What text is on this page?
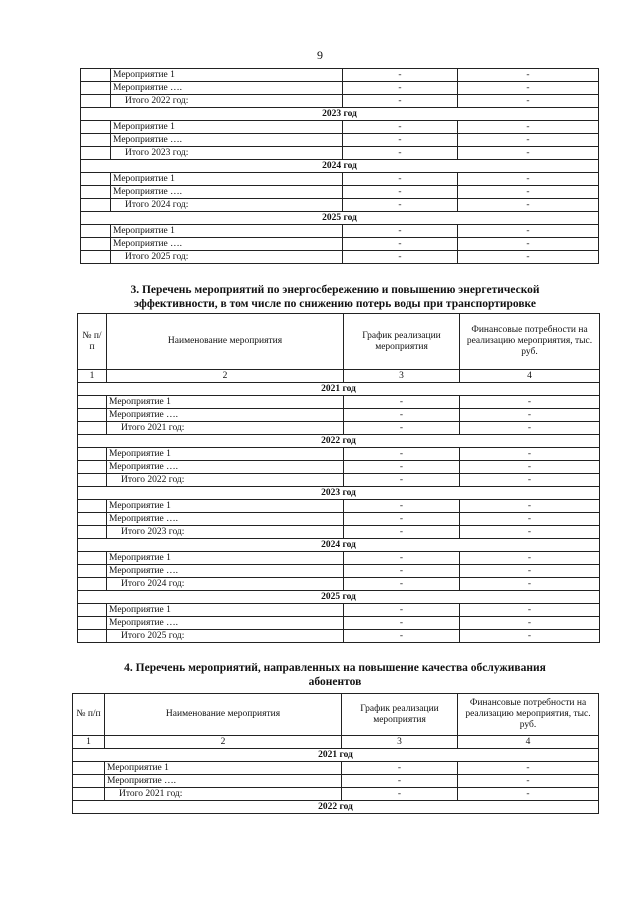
9
	Мероприятие 1	-	-
	Мероприятие ….	-	-
	Итого 2022 год:	-	-
2023 год			
	Мероприятие 1	-	-
	Мероприятие ….	-	-
	Итого 2023 год:	-	-
2024 год			
	Мероприятие 1	-	-
	Мероприятие ….	-	-
	Итого 2024 год:	-	-
2025 год			
	Мероприятие 1	-	-
	Мероприятие ….	-	-
	Итого 2025 год:	-	-
3. Перечень мероприятий по энергосбережению и повышению энергетической
эффективности, в том числе по снижению потерь воды при транспортировке
№ п/п	Наименование мероприятия	График реализации мероприятия	Финансовые потребности на реализацию мероприятия, тыс. руб.
1	2	3	4
2021 год			
	Мероприятие 1	-	-
	Мероприятие ….	-	-
	Итого 2021 год:	-	-
2022 год			
	Мероприятие 1	-	-
	Мероприятие ….	-	-
	Итого 2022 год:	-	-
2023 год			
	Мероприятие 1	-	-
	Мероприятие ….	-	-
	Итого 2023 год:	-	-
2024 год			
	Мероприятие 1	-	-
	Мероприятие ….	-	-
	Итого 2024 год:	-	-
2025 год			
	Мероприятие 1	-	-
	Мероприятие ….	-	-
	Итого 2025 год:	-	-
4. Перечень мероприятий, направленных на повышение качества обслуживания
абонентов
№ п/п	Наименование мероприятия	График реализации мероприятия	Финансовые потребности на реализацию мероприятия, тыс. руб.
1	2	3	4
2021 год			
	Мероприятие 1	-	-
	Мероприятие ….	-	-
	Итого 2021 год:	-	-
2022 год			
